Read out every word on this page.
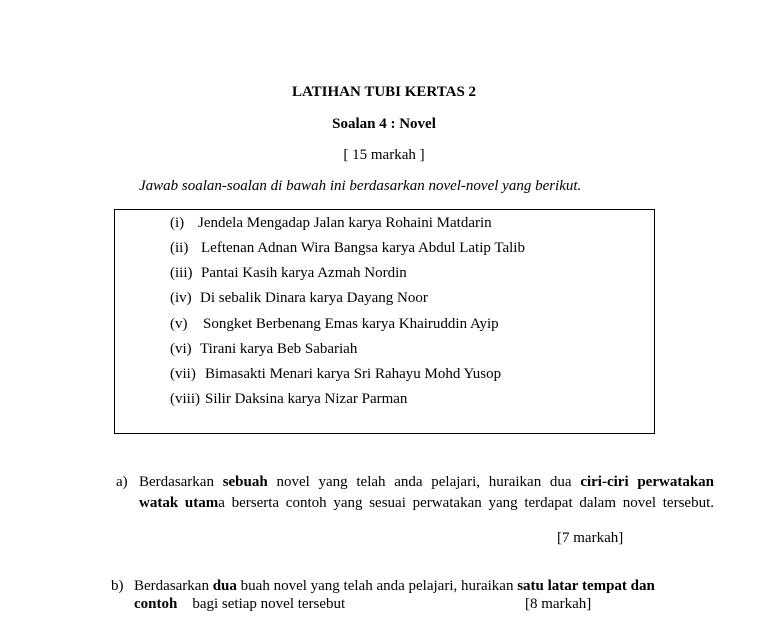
LATIHAN TUBI KERTAS 2
Soalan 4 : Novel
[ 15 markah ]
Jawab soalan-soalan di bawah ini berdasarkan novel-novel yang berikut.
(i) Jendela Mengadap Jalan karya Rohaini Matdarin
(ii) Leftenan Adnan Wira Bangsa karya Abdul Latip Talib
(iii) Pantai Kasih karya Azmah Nordin
(iv) Di sebalik Dinara karya Dayang Noor
(v) Songket Berbenang Emas karya Khairuddin Ayip
(vi) Tirani karya Beb Sabariah
(vii) Bimasakti Menari karya Sri Rahayu Mohd Yusop
(viii) Silir Daksina karya Nizar Parman
a) Berdasarkan sebuah novel yang telah anda pelajari, huraikan dua ciri-ciri perwatakan
watak utama berserta contoh yang sesuai perwatakan yang terdapat dalam novel tersebut.
[7 markah]
b) Berdasarkan dua buah novel yang telah anda pelajari, huraikan satu latar tempat dan
contoh    bagi setiap novel tersebut	[8 markah]
